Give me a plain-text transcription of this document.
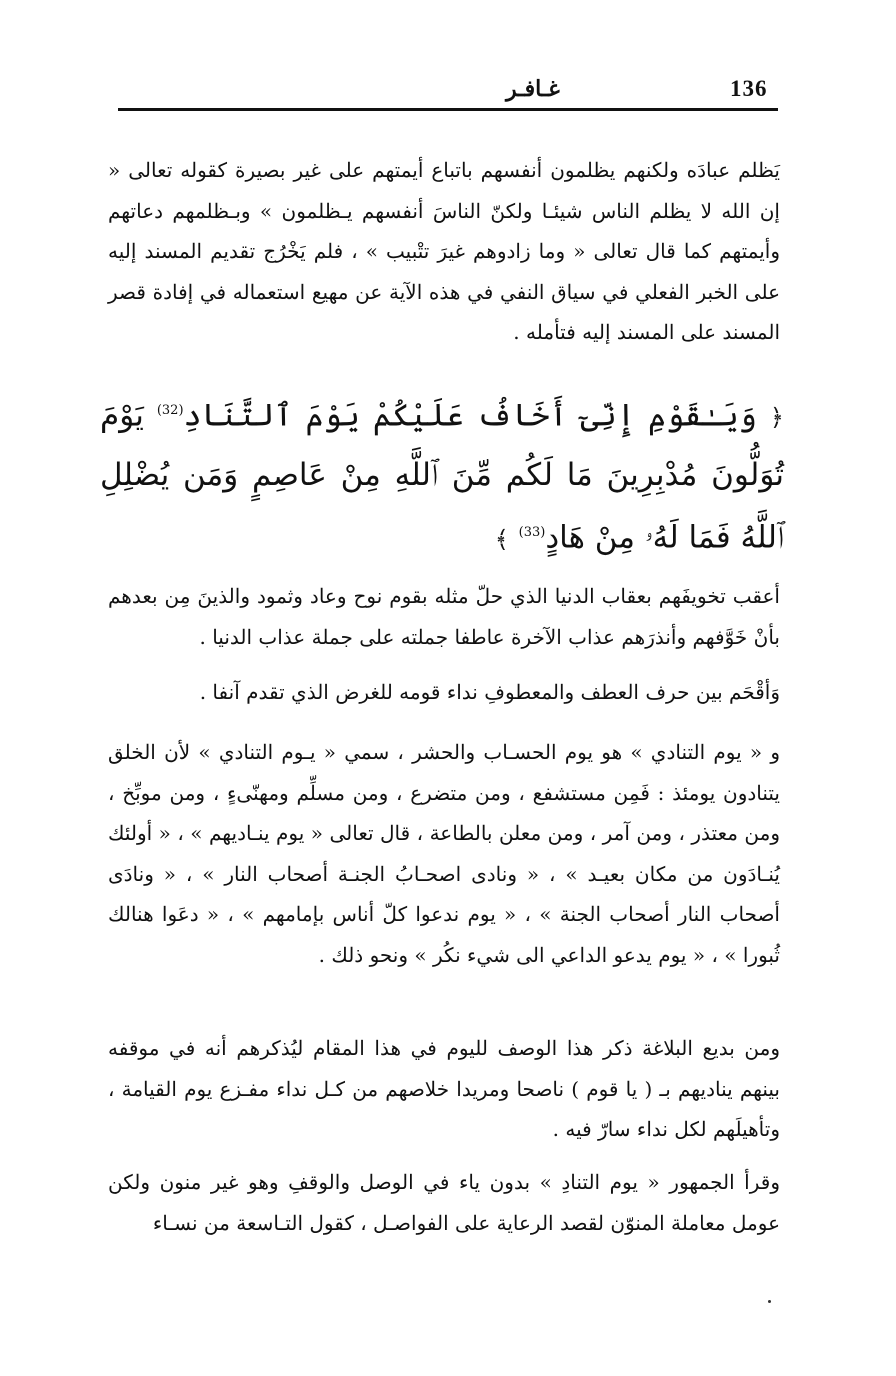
136
غـافـر

يَظلم عبادَه ولكنهم يظلمون أنفسهم باتباع أيمتهم على غير بصيرة كقوله تعالى « إن الله لا يظلم الناس شيئـا ولكنّ الناسَ أنفسهم يـظلمون » وبـظلمهم دعاتهم وأيمتهم كما قال تعالى « وما زادوهم غيرَ تتْبيب » ، فلم يَخْرُج تقديم المسند إليه على الخبر الفعلي في سياق النفي في هذه الآية عن مهيع استعماله في إفادة قصر المسند على المسند إليه فتأمله .

﴿ وَيَـٰقَوْمِ إِنِّىٓ أَخَافُ عَلَيْكُمْ يَوْمَ ٱلتَّنَادِ$^{(32)}$ يَوْمَ تُوَلُّونَ مُدْبِرِينَ مَا لَكُم مِّنَ ٱللَّهِ مِنْ عَاصِمٍ وَمَن يُضْلِلِ ٱللَّهُ فَمَا لَهُۥ مِنْ هَادٍ$^{(33)}$ ﴾

أعقب تخويفَهم بعقاب الدنيا الذي حلّ مثله بقوم نوح وعاد وثمود والذينَ مِن بعدهم بأنْ خَوَّفهم وأنذرَهم عذاب الآخرة عاطفا جملته على جملة عذاب الدنيا .

وَأقْحَم بين حرف العطف والمعطوفِ نداء قومه للغرض الذي تقدم آنفا .

و « يوم التنادي » هو يوم الحسـاب والحشر ، سمي « يـوم التنادي » لأن الخلق يتنادون يومئذ : فَمِن مستشفع ، ومن متضرع ، ومن مسلِّم ومهنّىءٍ ، ومن موبِّخ ، ومن معتذر ، ومن آمر ، ومن معلن بالطاعة ، قال تعالى « يوم ينـاديهم » ، « أولئك يُنـادَون من مكان بعيـد » ، « ونادى اصحـابُ الجنـة أصحاب النار » ، « ونادَى أصحاب النار أصحاب الجنة » ، « يوم ندعوا كلّ أناس بإمامهم » ، « دعَوا هنالك ثُبورا » ، « يوم يدعو الداعي الى شيء نكُر » ونحو ذلك .

ومن بديع البلاغة ذكر هذا الوصف لليوم في هذا المقام ليُذكرهم أنه في موقفه بينهم يناديهم بـ ( يا قوم ) ناصحا ومريدا خلاصهم من كـل نداء مفـزع يوم القيامة ، وتأهيلَهم لكل نداء سارّ فيه .

وقرأ الجمهور « يوم التنادِ » بدون ياء في الوصل والوقفِ وهو غير منون ولكن عومل معاملة المنوّن لقصد الرعاية على الفواصـل ، كقول التـاسعة من نسـاء
